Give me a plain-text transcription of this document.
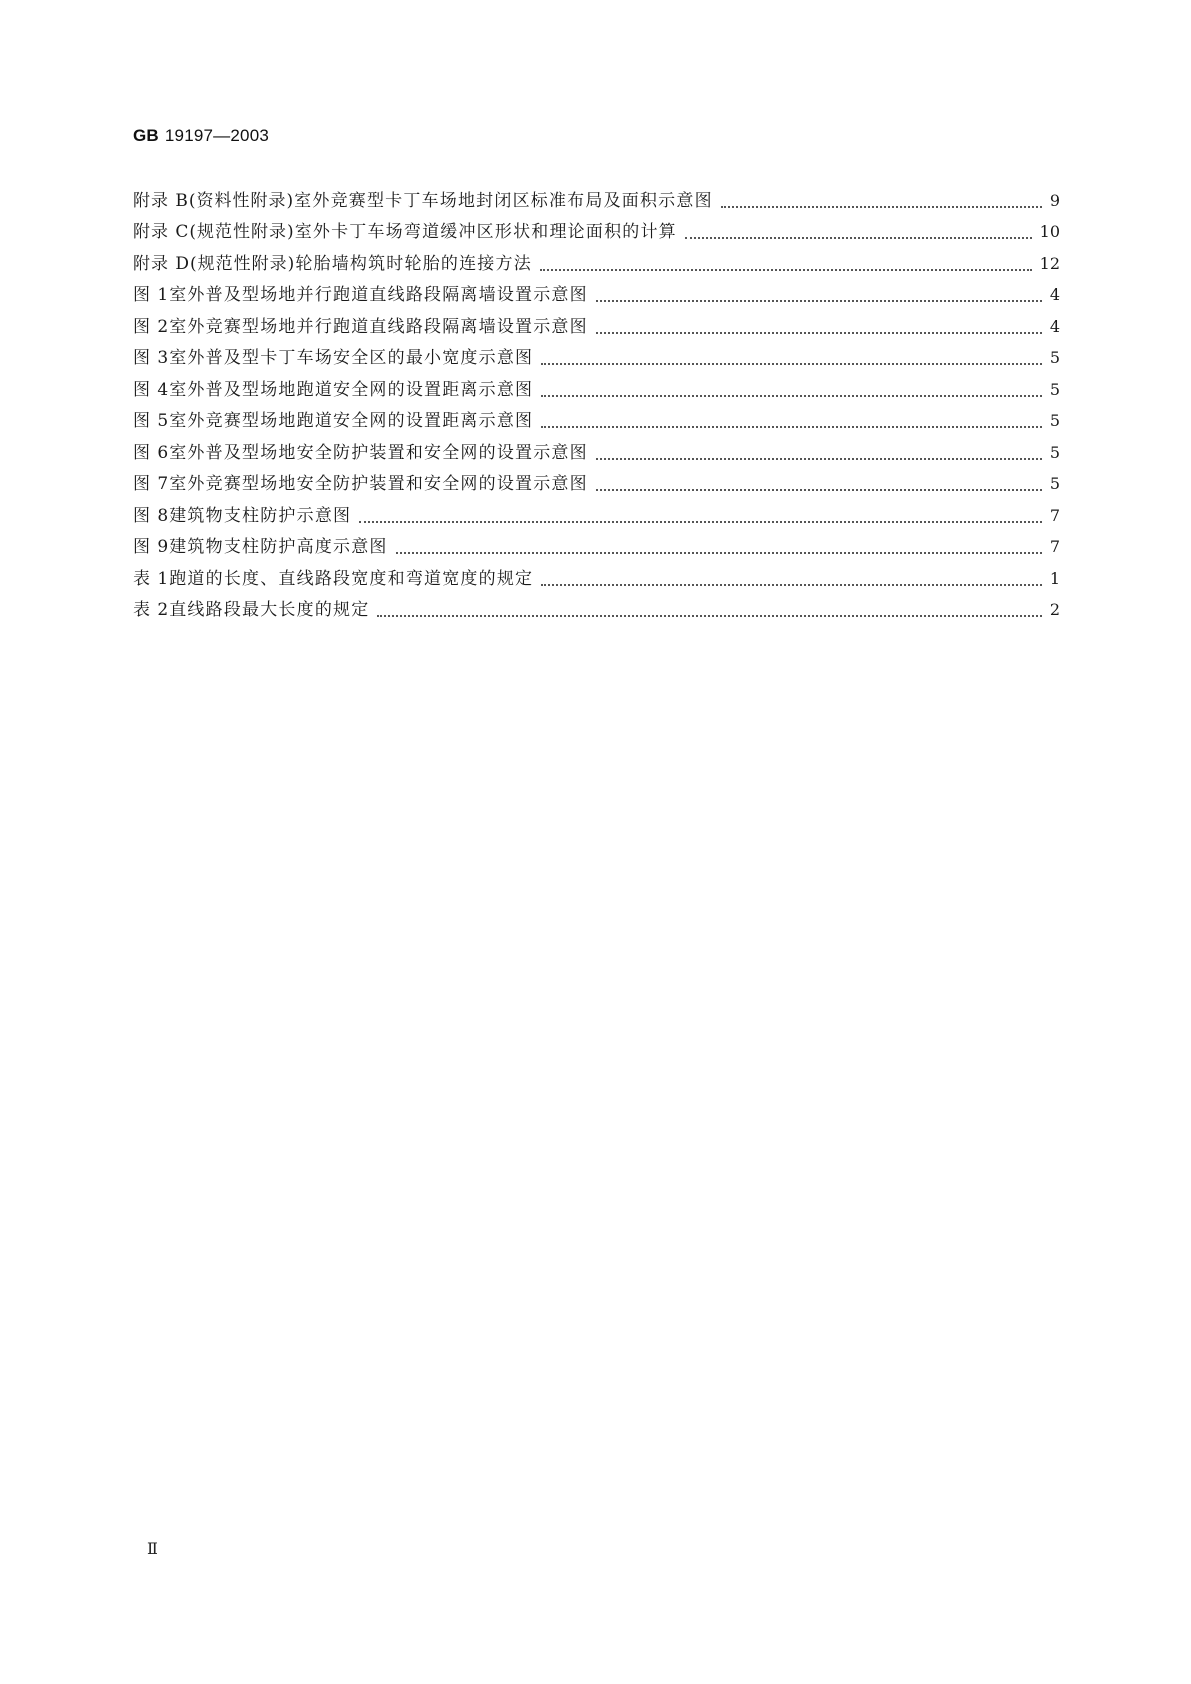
GB 19197—2003
附录 B(资料性附录) 室外竞赛型卡丁车场地封闭区标准布局及面积示意图	9
附录 C(规范性附录) 室外卡丁车场弯道缓冲区形状和理论面积的计算	10
附录 D(规范性附录) 轮胎墙构筑时轮胎的连接方法	12
图 1 室外普及型场地并行跑道直线路段隔离墙设置示意图	4
图 2 室外竞赛型场地并行跑道直线路段隔离墙设置示意图	4
图 3 室外普及型卡丁车场安全区的最小宽度示意图	5
图 4 室外普及型场地跑道安全网的设置距离示意图	5
图 5 室外竞赛型场地跑道安全网的设置距离示意图	5
图 6 室外普及型场地安全防护装置和安全网的设置示意图	5
图 7 室外竞赛型场地安全防护装置和安全网的设置示意图	5
图 8 建筑物支柱防护示意图	7
图 9 建筑物支柱防护高度示意图	7
表 1 跑道的长度、直线路段宽度和弯道宽度的规定	1
表 2 直线路段最大长度的规定	2
Ⅱ
